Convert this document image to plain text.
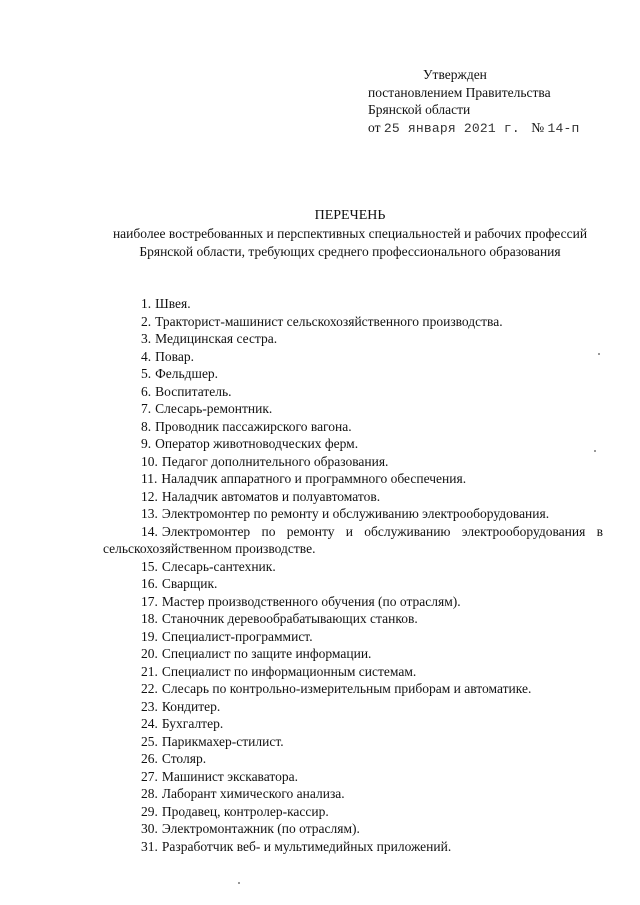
Утвержден
постановлением Правительства
Брянской области
от 25 января 2021 г. № 14-п
ПЕРЕЧЕНЬ
наиболее востребованных и перспективных специальностей и рабочих профессий Брянской области, требующих среднего профессионального образования
1. Швея.
2. Тракторист-машинист сельскохозяйственного производства.
3. Медицинская сестра.
4. Повар.
5. Фельдшер.
6. Воспитатель.
7. Слесарь-ремонтник.
8. Проводник пассажирского вагона.
9. Оператор животноводческих ферм.
10. Педагог дополнительного образования.
11. Наладчик аппаратного и программного обеспечения.
12. Наладчик автоматов и полуавтоматов.
13. Электромонтер по ремонту и обслуживанию электрооборудования.
14. Электромонтер по ремонту и обслуживанию электрооборудования в сельскохозяйственном производстве.
15. Слесарь-сантехник.
16. Сварщик.
17. Мастер производственного обучения (по отраслям).
18. Станочник деревообрабатывающих станков.
19. Специалист-программист.
20. Специалист по защите информации.
21. Специалист по информационным системам.
22. Слесарь по контрольно-измерительным приборам и автоматике.
23. Кондитер.
24. Бухгалтер.
25. Парикмахер-стилист.
26. Столяр.
27. Машинист экскаватора.
28. Лаборант химического анализа.
29. Продавец, контролер-кассир.
30. Электромонтажник (по отраслям).
31. Разработчик веб- и мультимедийных приложений.
